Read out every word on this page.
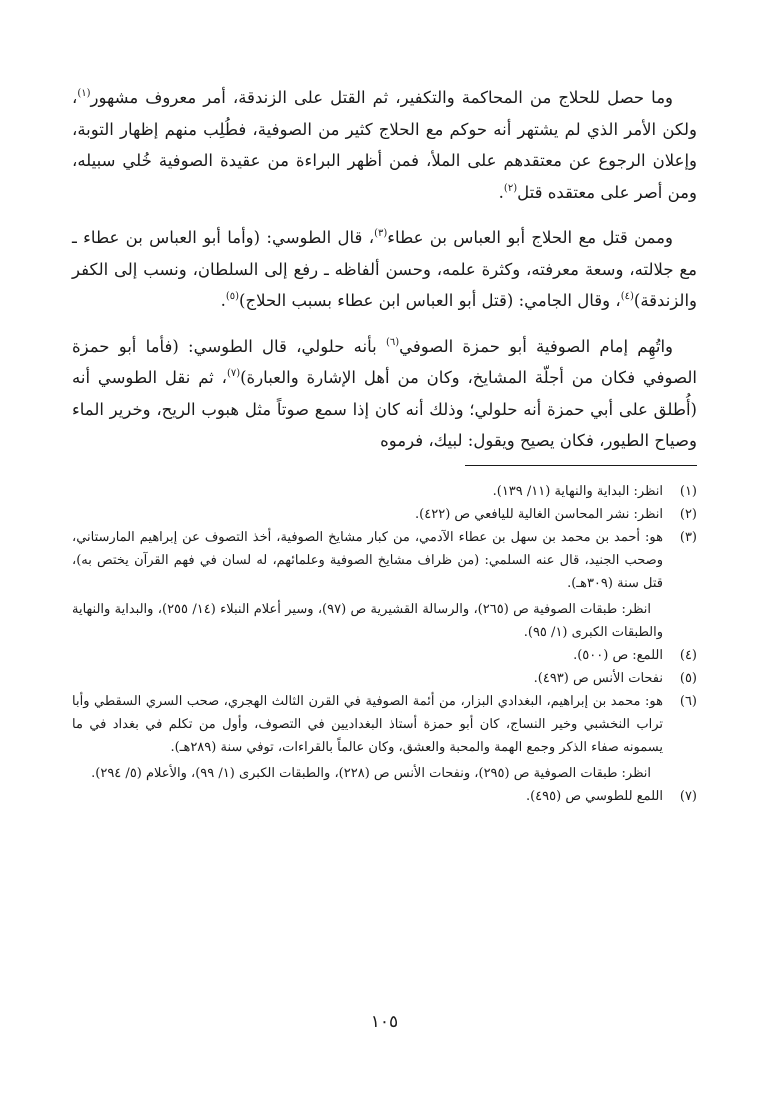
وما حصل للحلاج من المحاكمة والتكفير، ثم القتل على الزندقة، أمر معروف مشهور$^{(١)}$، ولكن الأمر الذي لم يشتهر أنه حوكم مع الحلاج كثير من الصوفية، فطُلِب منهم إظهار التوبة، وإعلان الرجوع عن معتقدهم على الملأ، فمن أظهر البراءة من عقيدة الصوفية خُلي سبيله، ومن أصر على معتقده قتل$^{(٢)}$.

وممن قتل مع الحلاج أبو العباس بن عطاء$^{(٣)}$، قال الطوسي: (وأما أبو العباس بن عطاء ـ مع جلالته، وسعة معرفته، وكثرة علمه، وحسن ألفاظه ـ رفع إلى السلطان، ونسب إلى الكفر والزندقة)$^{(٤)}$، وقال الجامي: (قتل أبو العباس ابن عطاء بسبب الحلاج)$^{(٥)}$.

واتُهِم إمام الصوفية أبو حمزة الصوفي$^{(٦)}$ بأنه حلولي، قال الطوسي: (فأما أبو حمزة الصوفي فكان من أجلّة المشايخ، وكان من أهل الإشارة والعبارة)$^{(٧)}$، ثم نقل الطوسي أنه (أُطلق على أبي حمزة أنه حلولي؛ وذلك أنه كان إذا سمع صوتاً مثل هبوب الريح، وخرير الماء وصياح الطيور، فكان يصيح ويقول: لبيك، فرموه

(١)
انظر: البداية والنهاية (١١/ ١٣٩).
(٢)
انظر: نشر المحاسن الغالية لليافعي ص (٤٢٢).
(٣)
هو: أحمد بن محمد بن سهل بن عطاء الآدمي، من كبار مشايخ الصوفية، أخذ التصوف عن إبراهيم المارستاني، وصحب الجنيد، قال عنه السلمي: (من ظراف مشايخ الصوفية وعلمائهم، له لسان في فهم القرآن يختص به)، قتل سنة (٣٠٩هـ).
انظر: طبقات الصوفية ص (٢٦٥)، والرسالة القشيرية ص (٩٧)، وسير أعلام النبلاء (١٤/ ٢٥٥)، والبداية والنهاية والطبقات الكبرى (١/ ٩٥).
(٤)
اللمع: ص (٥٠٠).
(٥)
نفحات الأنس ص (٤٩٣).
(٦)
هو: محمد بن إبراهيم، البغدادي البزار، من أئمة الصوفية في القرن الثالث الهجري، صحب السري السقطي وأبا تراب النخشبي وخير النساج، كان أبو حمزة أستاذ البغداديين في التصوف، وأول من تكلم في بغداد في ما يسمونه صفاء الذكر وجمع الهمة والمحبة والعشق، وكان عالماً بالقراءات، توفي سنة (٢٨٩هـ).
انظر: طبقات الصوفية ص (٢٩٥)، ونفحات الأنس ص (٢٢٨)، والطبقات الكبرى (١/ ٩٩)، والأعلام (٥/ ٢٩٤).
(٧)
اللمع للطوسي ص (٤٩٥).
١٠٥
